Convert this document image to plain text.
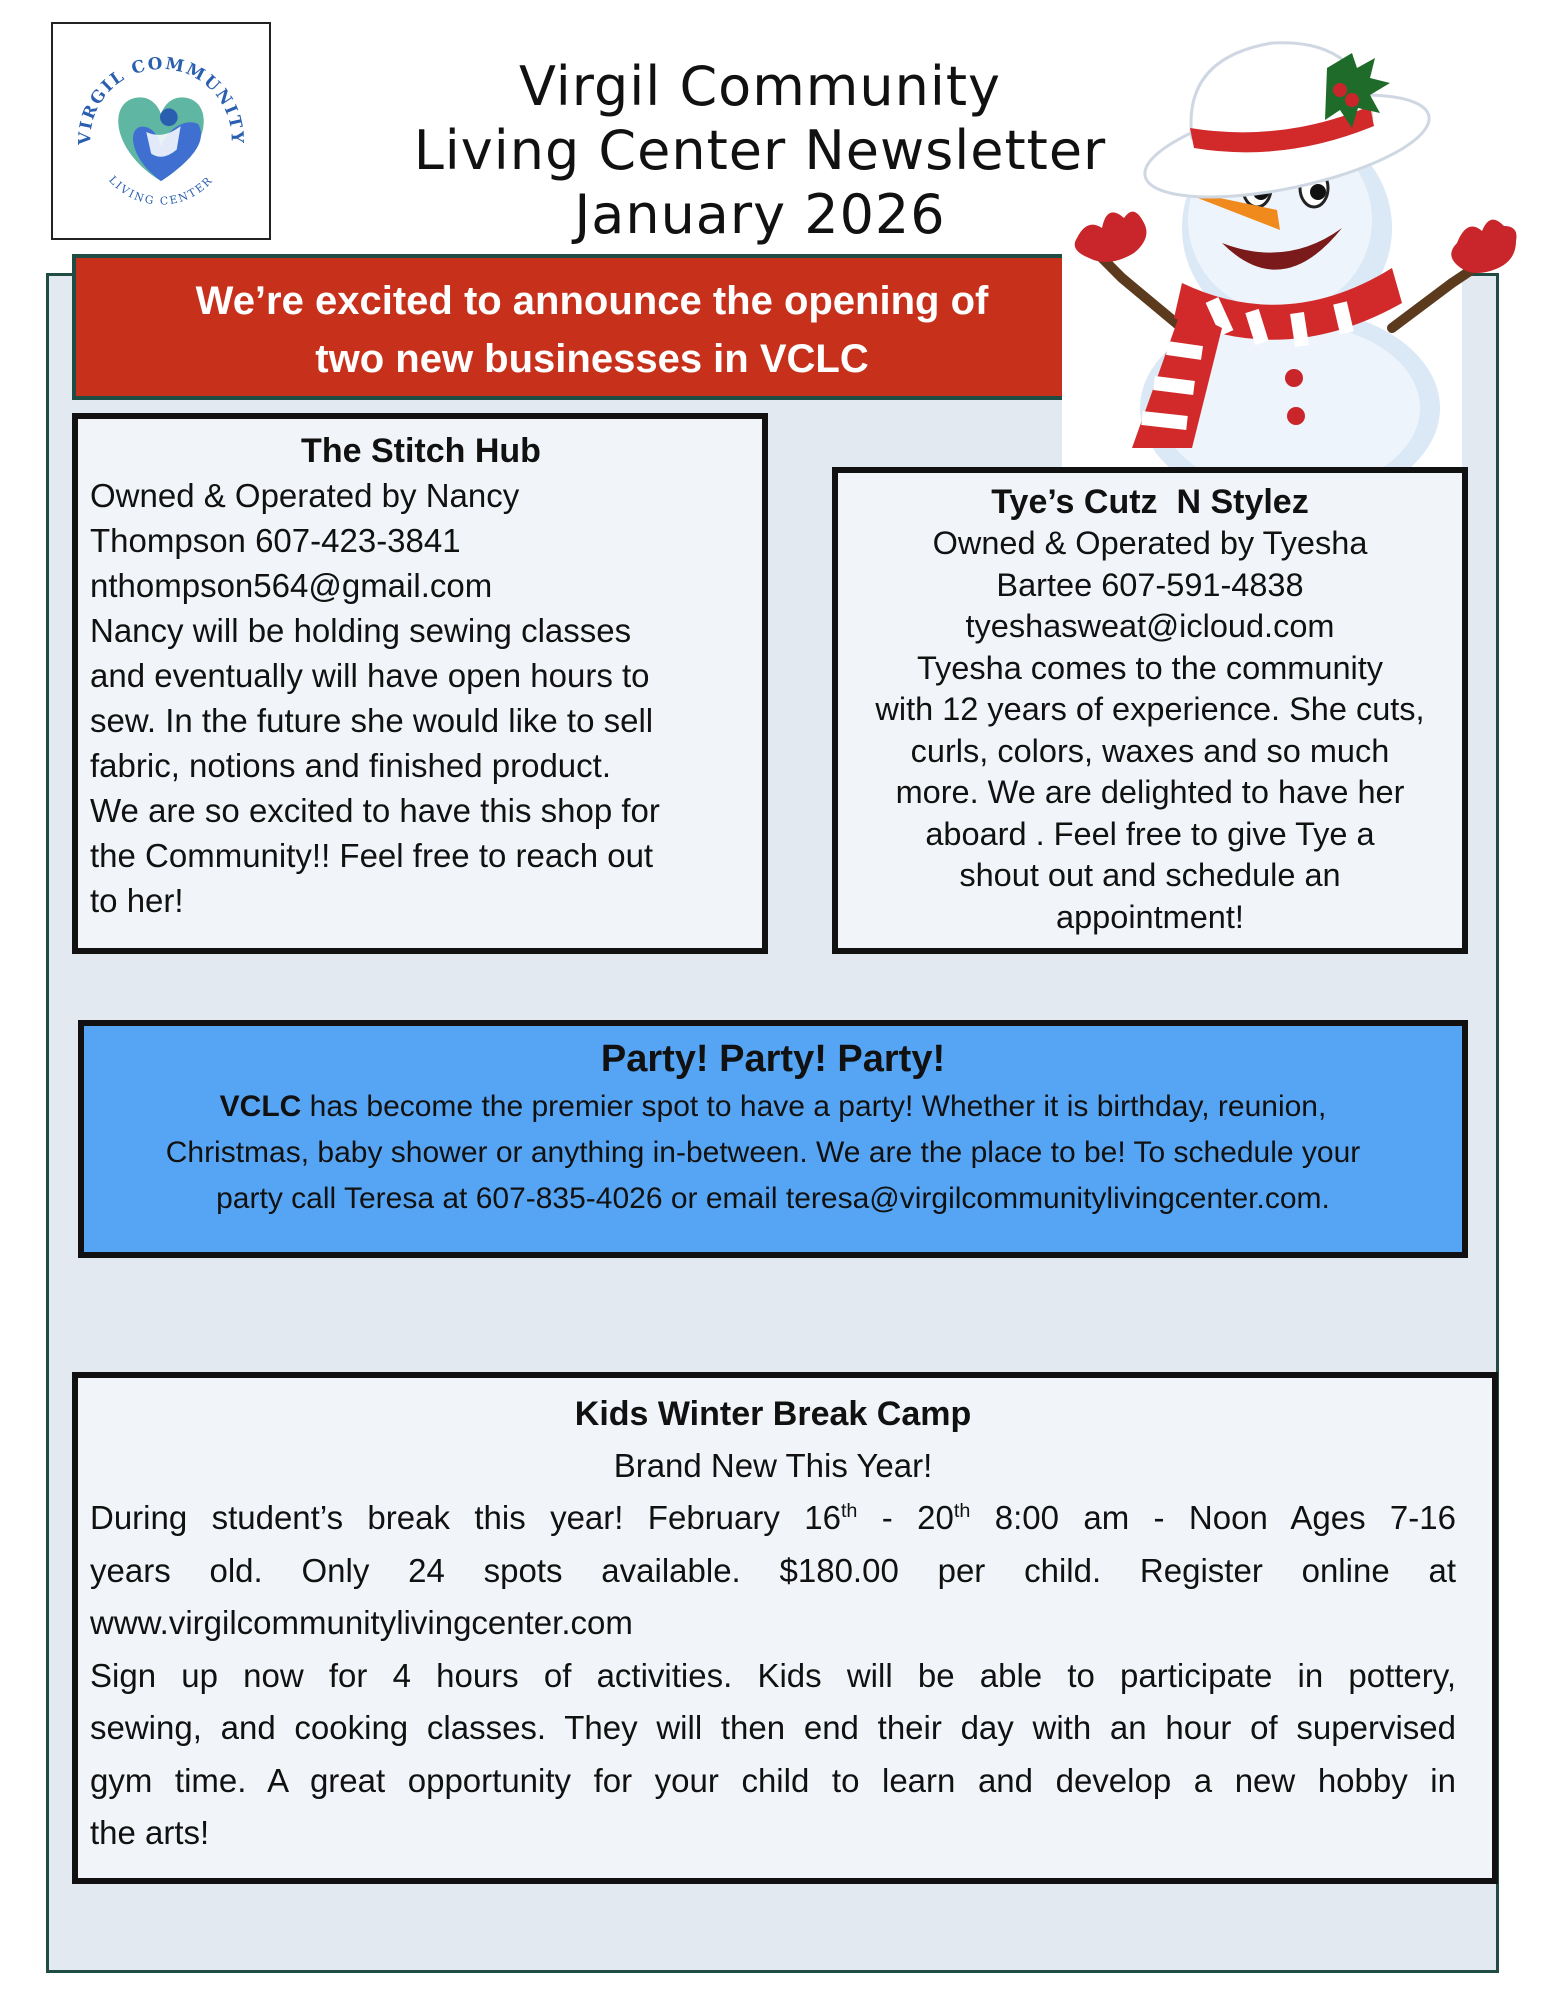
VIRGIL COMMUNITY
LIVING CENTER
Virgil Community
Living Center Newsletter
January 2026
We’re excited to announce the opening of
two new businesses in VCLC
The Stitch Hub

Owned & Operated by Nancy

Thompson 607-423-3841

nthompson564@gmail.com

Nancy will be holding sewing classes

and eventually will have open hours to

sew. In the future she would like to sell

fabric, notions and finished product.

We are so excited to have this shop for

the Community!! Feel free to reach out

to her!

Tye’s Cutz  N Stylez

Owned & Operated by Tyesha

Bartee 607-591-4838

tyeshasweat@icloud.com

Tyesha comes to the community

with 12 years of experience. She cuts,

curls, colors, waxes and so much

more. We are delighted to have her

aboard . Feel free to give Tye a

shout out and schedule an

appointment!

Party! Party! Party!

VCLC has become the premier spot to have a party! Whether it is birthday, reunion,

Christmas, baby shower or anything in-between. We are the place to be! To schedule your

party call Teresa at 607-835-4026 or email teresa@virgilcommunitylivingcenter.com.

Kids Winter Break Camp
Brand New This Year!

During student’s break this year! February 16th - 20th 8:00 am - Noon Ages 7-16

years old. Only 24 spots available. $180.00 per child. Register online at

www.virgilcommunitylivingcenter.com

Sign up now for 4 hours of activities. Kids will be able to participate in pottery,

sewing, and cooking classes. They will then end their day with an hour of supervised

gym time. A great opportunity for your child to learn and develop a new hobby in

the arts!
